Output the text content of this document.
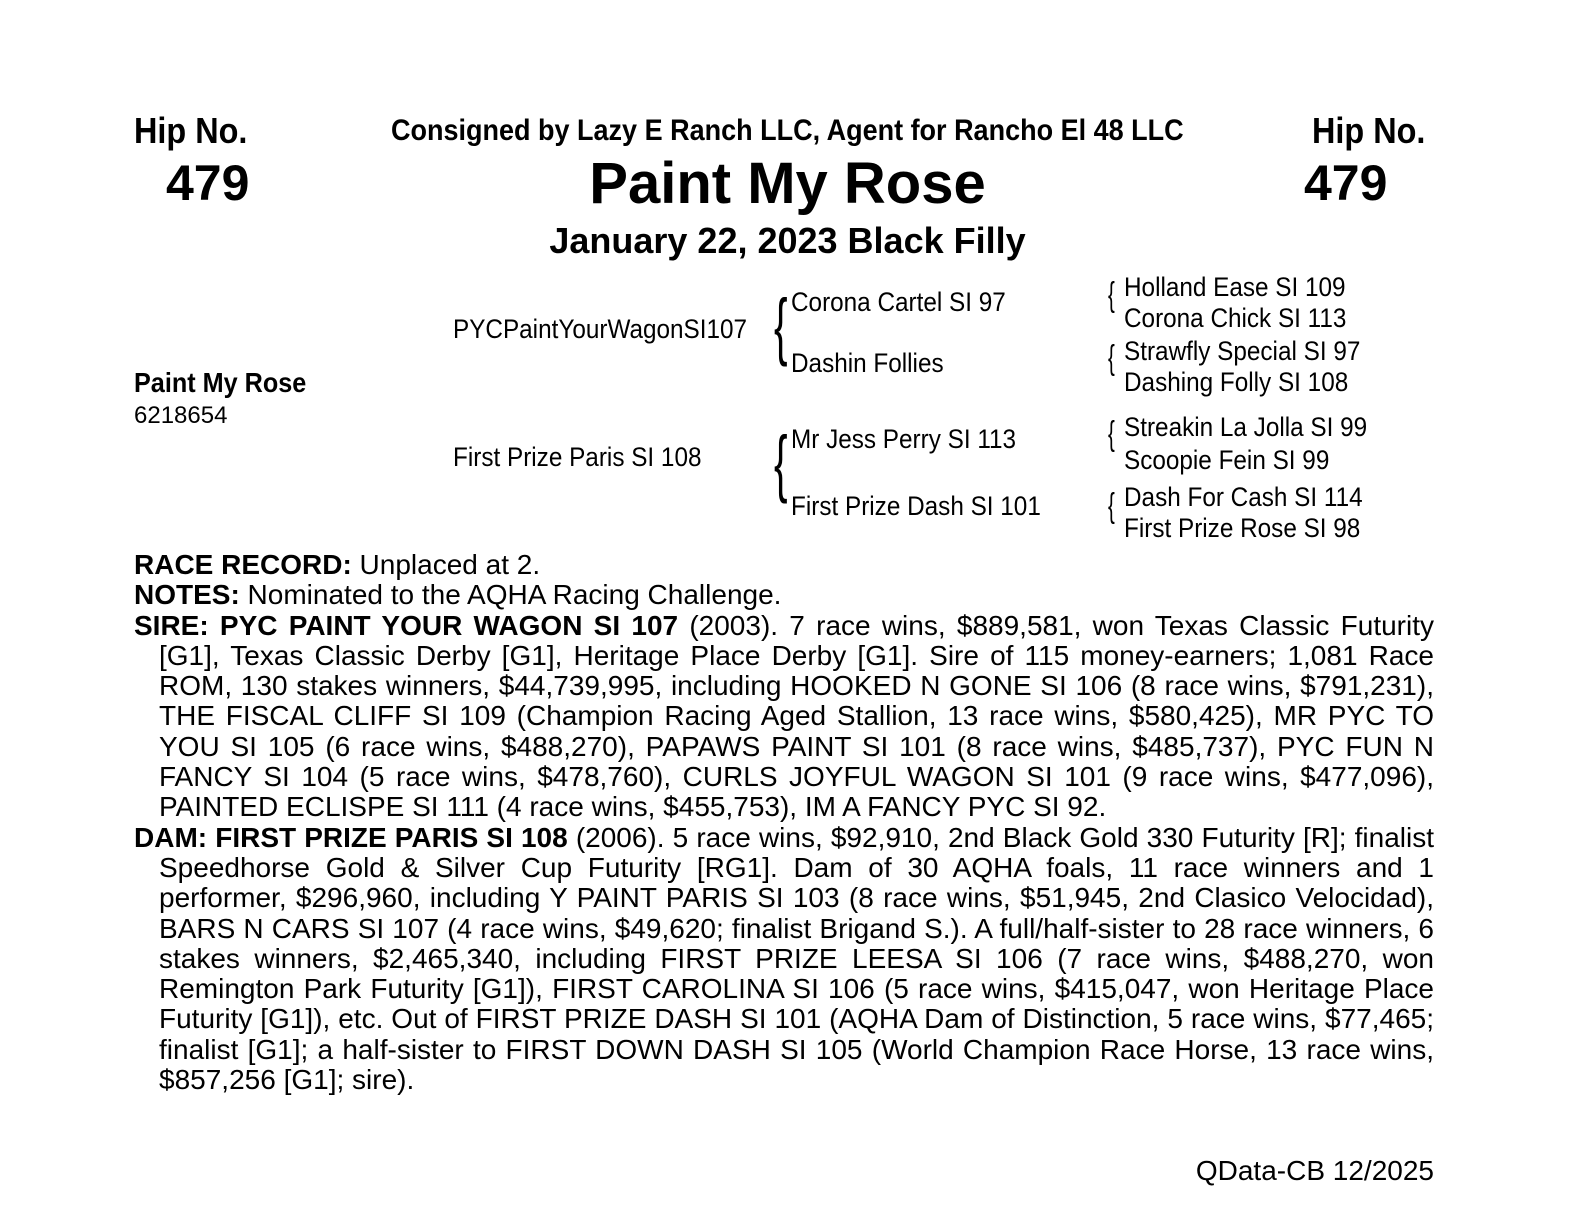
Hip No.
479
Hip No.
479
Consigned by Lazy E Ranch LLC, Agent for Rancho El 48 LLC
Paint My Rose
January 22, 2023 Black Filly
Paint My Rose
6218654
PYCPaintYourWagonSI107
First Prize Paris SI 108
{
{
Corona Cartel SI 97
Dashin Follies
Mr Jess Perry SI 113
First Prize Dash SI 101
{
{
{
{
Holland Ease SI 109
Corona Chick SI 113
Strawfly Special SI 97
Dashing Folly SI 108
Streakin La Jolla SI 99
Scoopie Fein SI 99
Dash For Cash SI 114
First Prize Rose SI 98

RACE RECORD: Unplaced at 2.

NOTES: Nominated to the AQHA Racing Challenge.

SIRE: PYC PAINT YOUR WAGON SI 107 (2003). 7 race wins, $889,581, won Texas Classic Futurity [G1], Texas Classic Derby [G1], Heritage Place Derby [G1]. Sire of 115 money-earners; 1,081 Race ROM, 130 stakes winners, $44,739,995, including HOOKED N GONE SI 106 (8 race wins, $791,231), THE FISCAL CLIFF SI 109 (Champion Racing Aged Stallion, 13 race wins, $580,425), MR PYC TO YOU SI 105 (6 race wins, $488,270), PAPAWS PAINT SI 101 (8 race wins, $485,737), PYC FUN N FANCY SI 104 (5 race wins, $478,760), CURLS JOYFUL WAGON SI 101 (9 race wins, $477,096), PAINTED ECLISPE SI 111 (4 race wins, $455,753), IM A FANCY PYC SI 92.

DAM: FIRST PRIZE PARIS SI 108 (2006). 5 race wins, $92,910, 2nd Black Gold 330 Futurity [R]; finalist Speedhorse Gold & Silver Cup Futurity [RG1]. Dam of 30 AQHA foals, 11 race winners and 1 performer, $296,960, including Y PAINT PARIS SI 103 (8 race wins, $51,945, 2nd Clasico Velocidad), BARS N CARS SI 107 (4 race wins, $49,620; finalist Brigand S.). A full/half-sister to 28 race winners, 6 stakes winners, $2,465,340, including FIRST PRIZE LEESA SI 106 (7 race wins, $488,270, won Remington Park Futurity [G1]), FIRST CAROLINA SI 106 (5 race wins, $415,047, won Heritage Place Futurity [G1]), etc. Out of FIRST PRIZE DASH SI 101 (AQHA Dam of Distinction, 5 race wins, $77,465; finalist [G1]; a half-sister to FIRST DOWN DASH SI 105 (World Champion Race Horse, 13 race wins, $857,256 [G1]; sire).

QData-CB 12/2025
